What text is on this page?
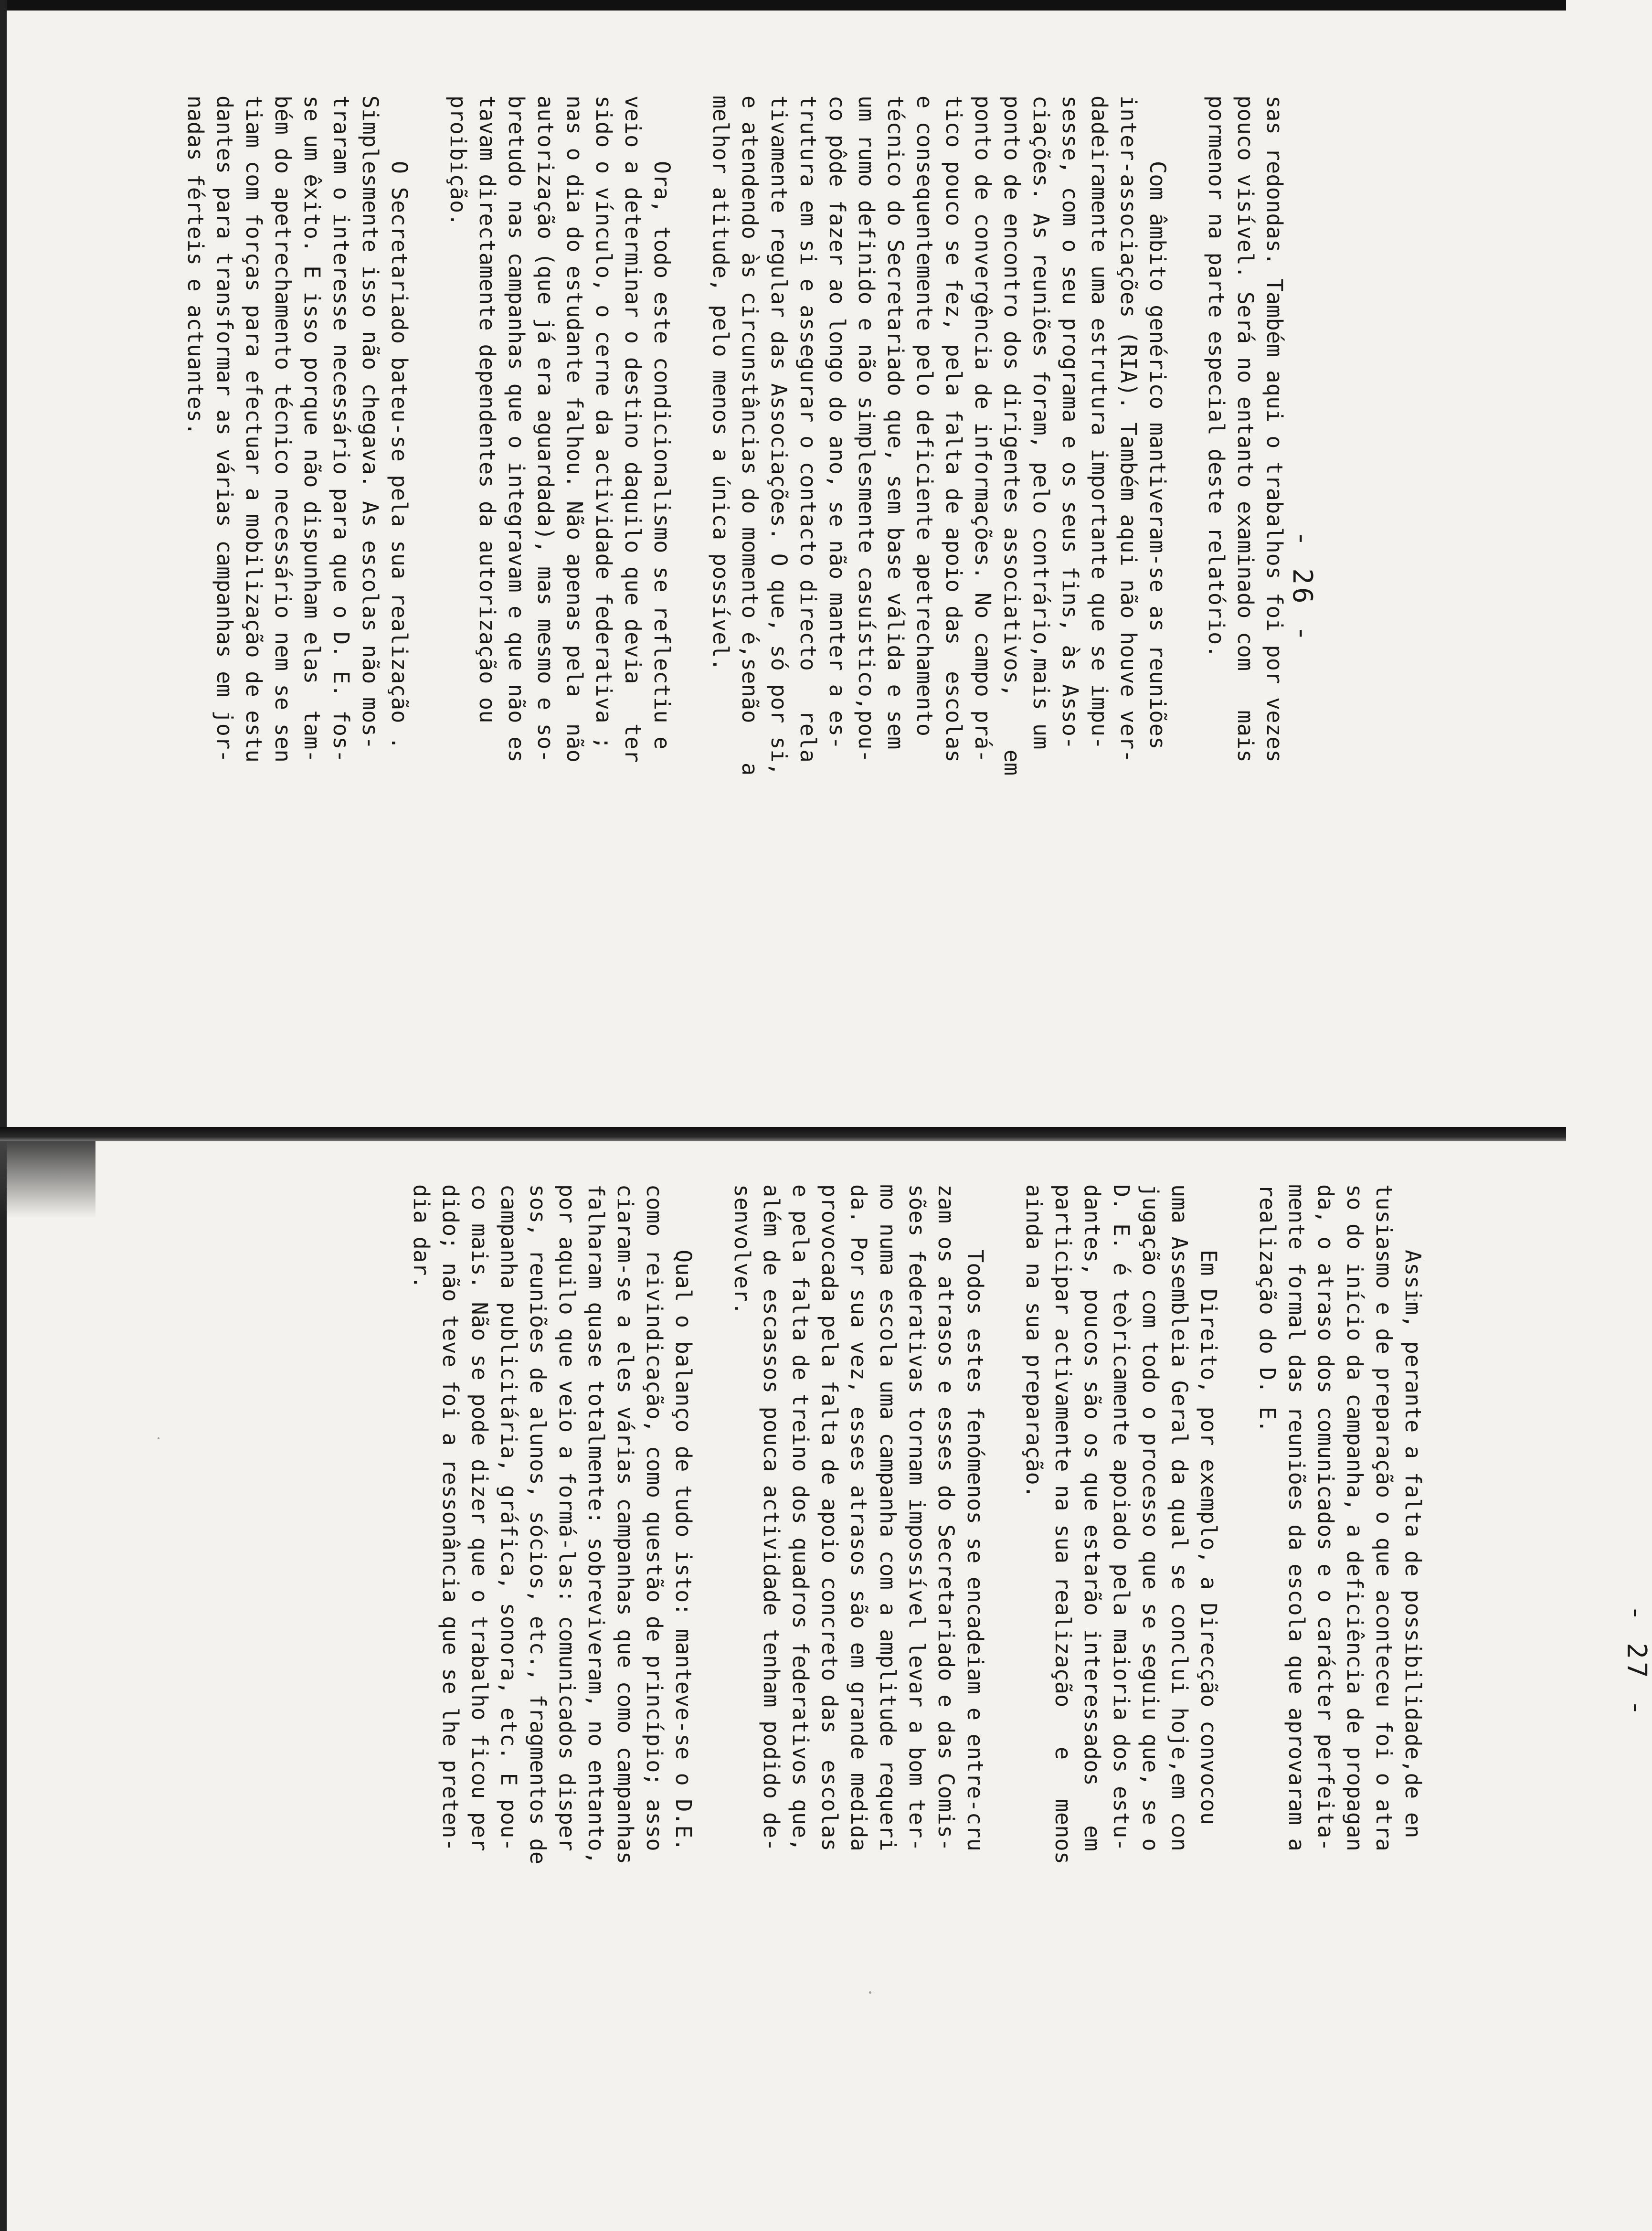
- 26 -

sas redondas. Também aqui o trabalhos foi por vezes
pouco visível. Será no entanto examinado com   mais
pormenor na parte especial deste relatório.

Com âmbito genérico mantiveram-se as reuniões
inter-associações (RIA). Também aqui não houve ver-
dadeiramente uma estrutura importante que se impu-
sesse, com o seu programa e os seus fins, às Asso-
ciações. As reuniões foram, pelo contrário,mais um
ponto de encontro dos dirigentes associativos,    em
ponto de convergência de informações. No campo prá-
tico pouco se fez, pela falta de apoio das  escolas
e consequentemente pelo deficiente apetrechamento
técnico do Secretariado que, sem base válida e sem
um rumo definido e não simplesmente casuístico,pou-
co pôde fazer ao longo do ano, se não manter a es-
trutura em si e assegurar o contacto directo   rela
tivamente regular das Associações. O que, só por si,
e atendendo às circunstâncias do momento é,senão   a
melhor atitude, pelo menos a única possível.

Ora, todo este condicionalismo se reflectiu e
veio a determinar o destino daquilo que devia   ter
sido o vínculo, o cerne da actividade federativa ;
nas o dia do estudante falhou. Não apenas pela  não
autorização (que já era aguardada), mas mesmo e so-
bretudo nas campanhas que o integravam e que não es
tavam directamente dependentes da autorização ou
proibição.

O Secretariado bateu-se pela sua realização .
Simplesmente isso não chegava. As escolas não mos-
traram o interesse necessário para que o D. E. fos-
se um êxito. E isso porque não dispunham elas  tam-
bém do apetrechamento técnico necessário nem se sen
tiam com forças para efectuar a mobilização de estu
dantes para transformar as várias campanhas em jor-
nadas férteis e actuantes.

- 27 -

Assim, perante a falta de possibilidade,de en
tusiasmo e de preparação o que aconteceu foi o atra
so do início da campanha, a deficiência de propagan
da, o atraso dos comunicados e o carácter perfeita-
mente formal das reuniões da escola que aprovaram a
realização do D. E.

Em Direito, por exemplo, a Direcção convocou
uma Assembleia Geral da qual se conclui hoje,em con
jugação com todo o processo que se seguiu que, se o
D. E. é teòricamente apoiado pela maioria dos estu-
dantes, poucos são os que estarão interessados   em
participar activamente na sua realização   e   menos
ainda na sua preparação.

Todos estes fenómenos se encadeiam e entre-cru
zam os atrasos e esses do Secretariado e das Comis-
sões federativas tornam impossível levar a bom ter-
mo numa escola uma campanha com a amplitude requeri
da. Por sua vez, esses atrasos são em grande medida
provocada pela falta de apoio concreto das  escolas
e pela falta de treino dos quadros federativos que,
além de escassos pouca actividade tenham podido de-
senvolver.

Qual o balanço de tudo isto: manteve-se o D.E.
como reivindicação, como questão de princípio; asso
ciaram-se a eles várias campanhas que como campanhas
falharam quase totalmente: sobreviveram, no entanto,
por aquilo que veio a formá-las: comunicados disper
sos, reuniões de alunos, sócios, etc., fragmentos de
campanha publicitária, gráfica, sonora, etc. E pou-
co mais. Não se pode dizer que o trabalho ficou per
dido; não teve foi a ressonância que se lhe preten-
dia dar.
